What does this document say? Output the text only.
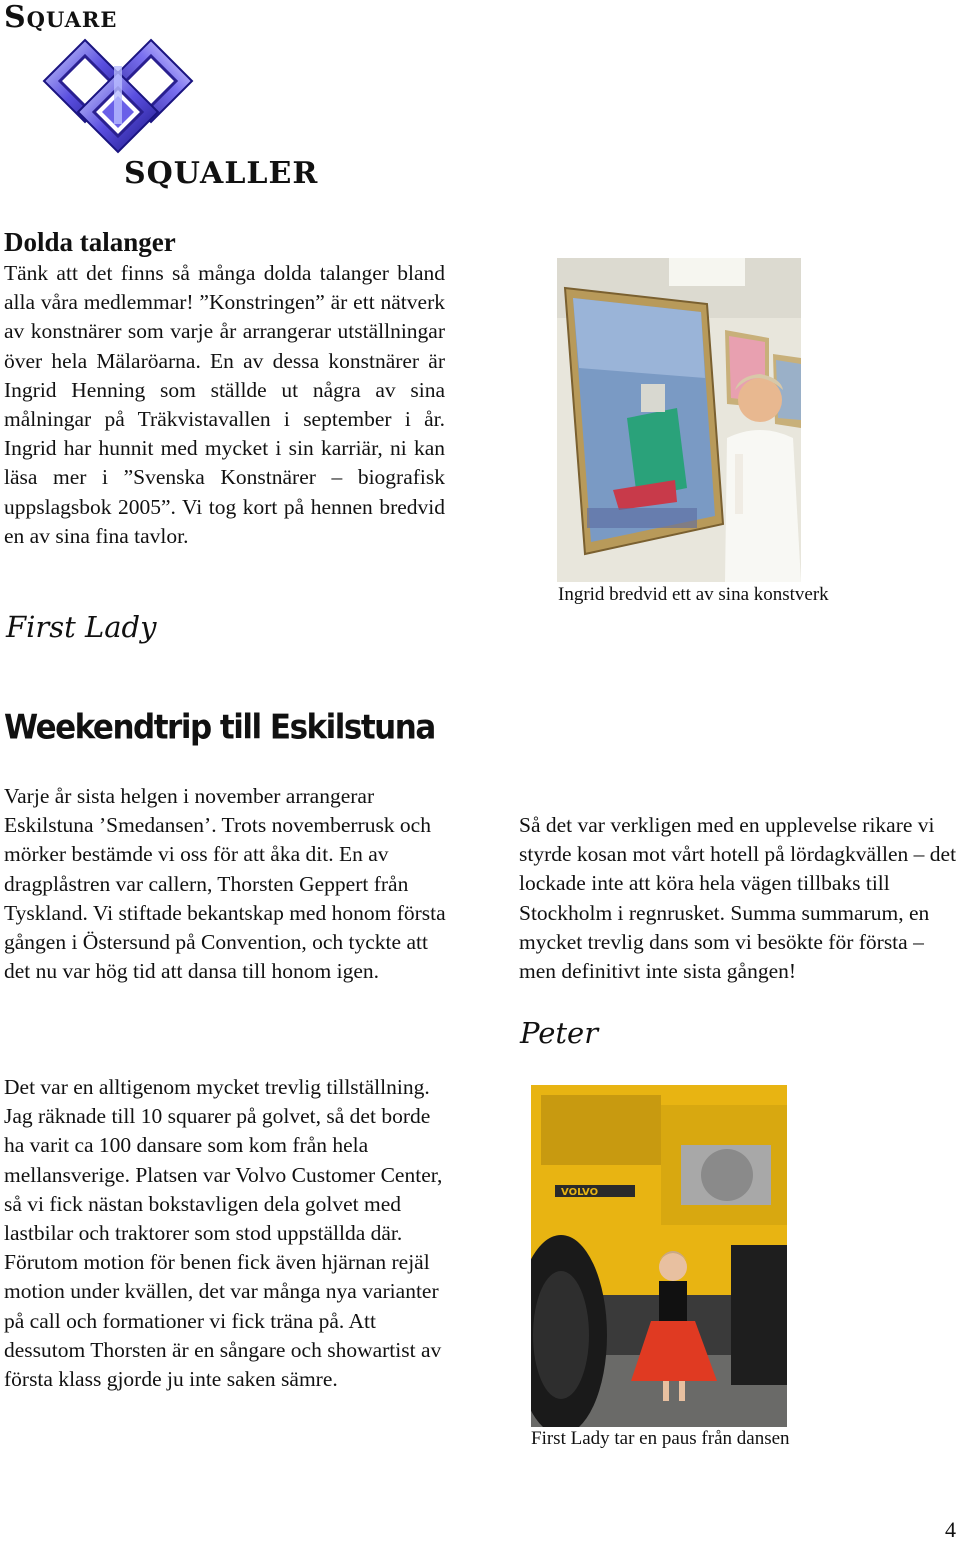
Square
SQUALLER
Dolda talanger
Tänk att det finns så många dolda talanger bland alla våra medlemmar! ”Konstringen” är ett nätverk av konstnärer som varje år arrangerar utställningar över hela Mälaröarna. En av dessa konstnärer är Ingrid Henning som ställde ut några av sina målningar på Träkvistavallen i september i år. Ingrid har hunnit med mycket i sin karriär, ni kan läsa mer i ”Svenska Konstnärer – biografisk uppslagsbok 2005”. Vi tog kort på hennen bredvid en av sina fina tavlor.
First Lady
Ingrid bredvid ett av sina konstverk
Weekendtrip till Eskilstuna
Varje år sista helgen i november arrangerar Eskilstuna ’Smedansen’. Trots novemberrusk och mörker bestämde vi oss för att åka dit. En av dragplåstren var callern, Thorsten Geppert från Tyskland. Vi stiftade bekantskap med honom första gången i Östersund på Convention, och tyckte att det nu var hög tid att dansa till honom igen.
Det var en alltigenom mycket trevlig tillställning. Jag räknade till 10 squarer på golvet, så det borde ha varit ca 100 dansare som kom från hela mellansverige. Platsen var Volvo Customer Center, så vi fick nästan bokstavligen dela golvet med lastbilar och traktorer som stod uppställda där. Förutom motion för benen fick även hjärnan rejäl motion under kvällen, det var många nya varianter på call och formationer vi fick träna på. Att dessutom Thorsten är en sångare och showartist av första klass gjorde ju inte saken sämre.
Så det var verkligen med en upplevelse rikare vi styrde kosan mot vårt hotell på lördagkvällen – det lockade inte att köra hela vägen tillbaks till Stockholm i regnrusket. Summa summarum, en mycket trevlig dans som vi besökte för första – men definitivt inte sista gången!
Peter
VOLVO
First Lady tar en paus från dansen
4
